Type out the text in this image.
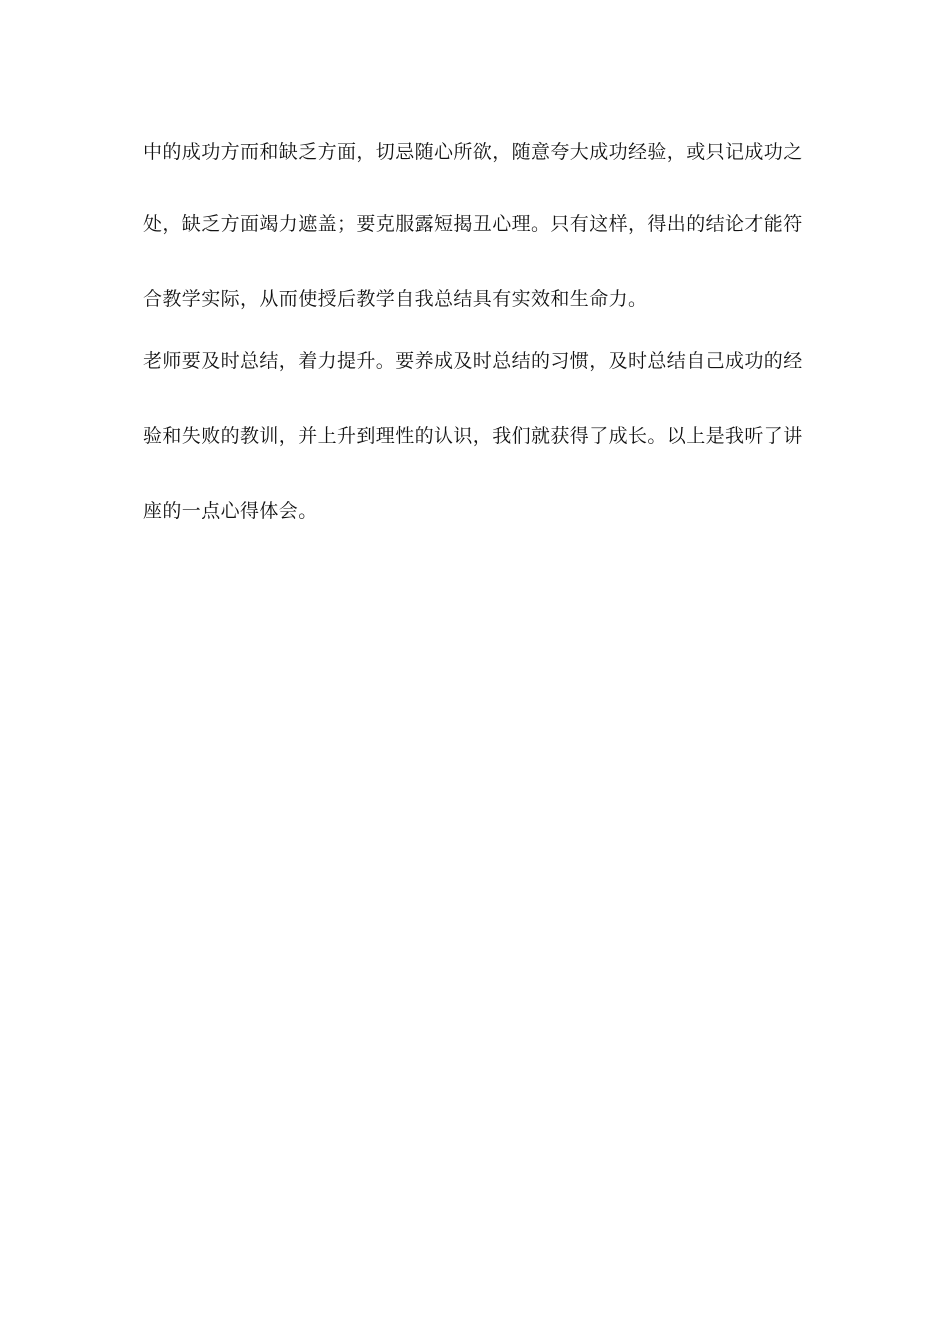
中的成功方而和缺乏方面，切忌随心所欲，随意夸大成功经验，或只记成功之
处，缺乏方面竭力遮盖；要克服露短揭丑心理。只有这样，得出的结论才能符
合教学实际，从而使授后教学自我总结具有实效和生命力。
老师要及时总结，着力提升。要养成及时总结的习惯，及时总结自己成功的经
验和失败的教训，并上升到理性的认识，我们就获得了成长。以上是我听了讲
座的一点心得体会。
